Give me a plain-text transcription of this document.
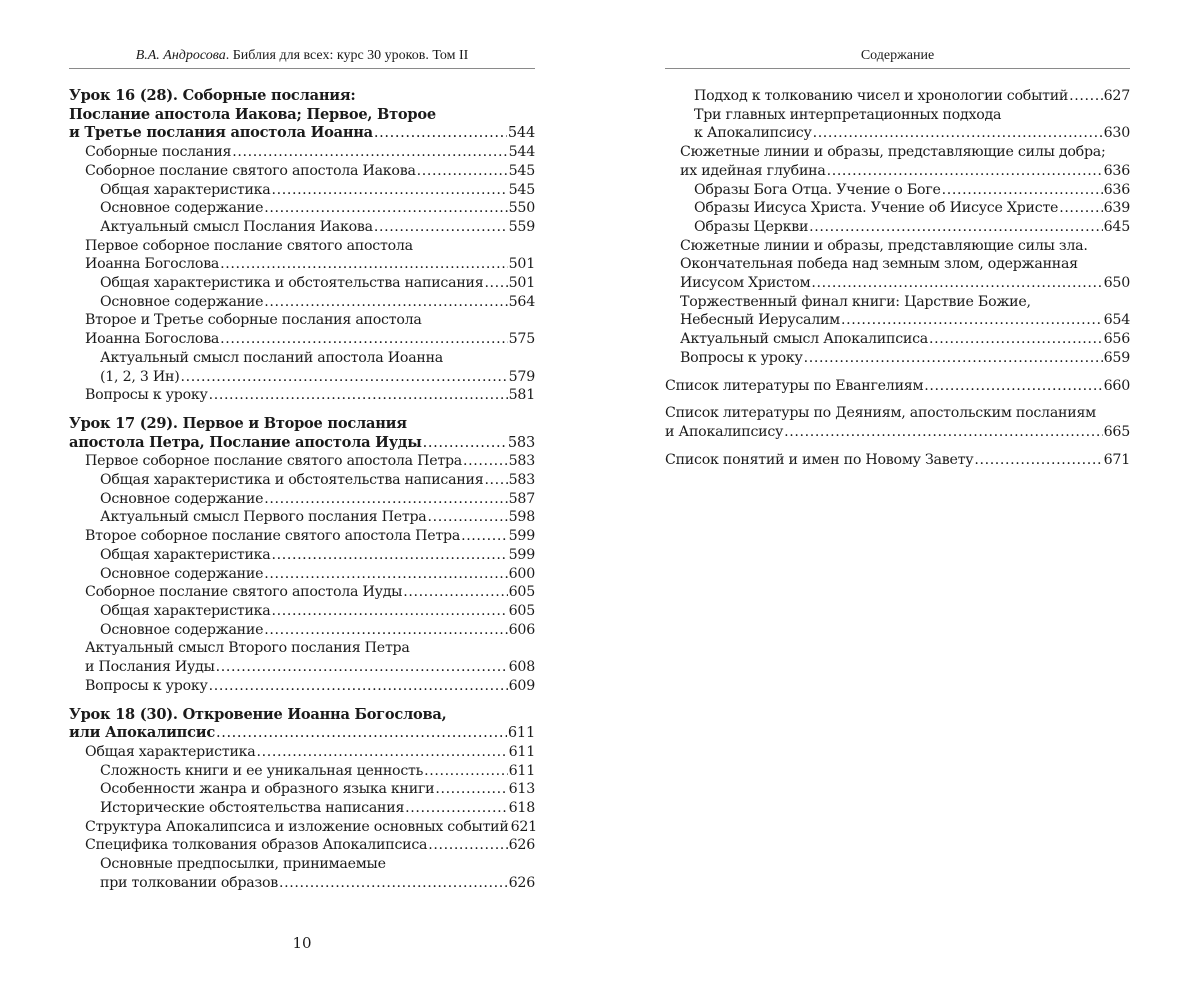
В.А. Андросова. Библия для всех: курс 30 уроков. Том II
Урок 16 (28). Соборные послания:
Послание апостола Иакова; Первое, Второе
и Третье послания апостола Иоанна .....	544
Соборные послания .....	544
Соборное послание святого апостола Иакова .....	545
Общая характеристика .....	545
Основное содержание .....	550
Актуальный смысл Послания Иакова .....	559
Первое соборное послание святого апостола
Иоанна Богослова .....	501
Общая характеристика и обстоятельства написания ..... 501
Основное содержание .....	564
Второе и Третье соборные послания апостола
Иоанна Богослова .....	575
Актуальный смысл посланий апостола Иоанна
(1, 2, 3 Ин) .....	579
Вопросы к уроку .....	581
Урок 17 (29). Первое и Второе послания
апостола Петра, Послание апостола Иуды .....	583
Первое соборное послание святого апостола Петра .....	583
Общая характеристика и обстоятельства написания ..... 583
Основное содержание .....	587
Актуальный смысл Первого послания Петра .....	598
Второе соборное послание святого апостола Петра .....	599
Общая характеристика .....	599
Основное содержание .....	600
Соборное послание святого апостола Иуды .....	605
Общая характеристика .....	605
Основное содержание .....	606
Актуальный смысл Второго послания Петра
и Послания Иуды .....	608
Вопросы к уроку .....	609
Урок 18 (30). Откровение Иоанна Богослова,
или Апокалипсис .....	611
Общая характеристика .....	611
Сложность книги и ее уникальная ценность .....	611
Особенности жанра и образного языка книги .....	613
Исторические обстоятельства написания .....	618
Структура Апокалипсиса и изложение основных событий 621
Специфика толкования образов Апокалипсиса .....	626
Основные предпосылки, принимаемые
при толковании образов .....	626
10
Содержание
Подход к толкованию чисел и хронологии событий .....	627
Три главных интерпретационных подхода
к Апокалипсису .....	630
Сюжетные линии и образы, представляющие силы добра;
их идейная глубина .....	636
Образы Бога Отца. Учение о Боге .....	636
Образы Иисуса Христа. Учение об Иисусе Христе .....	639
Образы Церкви .....	645
Сюжетные линии и образы, представляющие силы зла.
Окончательная победа над земным злом, одержанная
Иисусом Христом .....	650
Торжественный финал книги: Царствие Божие,
Небесный Иерусалим .....	654
Актуальный смысл Апокалипсиса .....	656
Вопросы к уроку .....	659
Список литературы по Евангелиям .....	660
Список литературы по Деяниям, апостольским посланиям
и Апокалипсису .....	665
Список понятий и имен по Новому Завету .....	671
